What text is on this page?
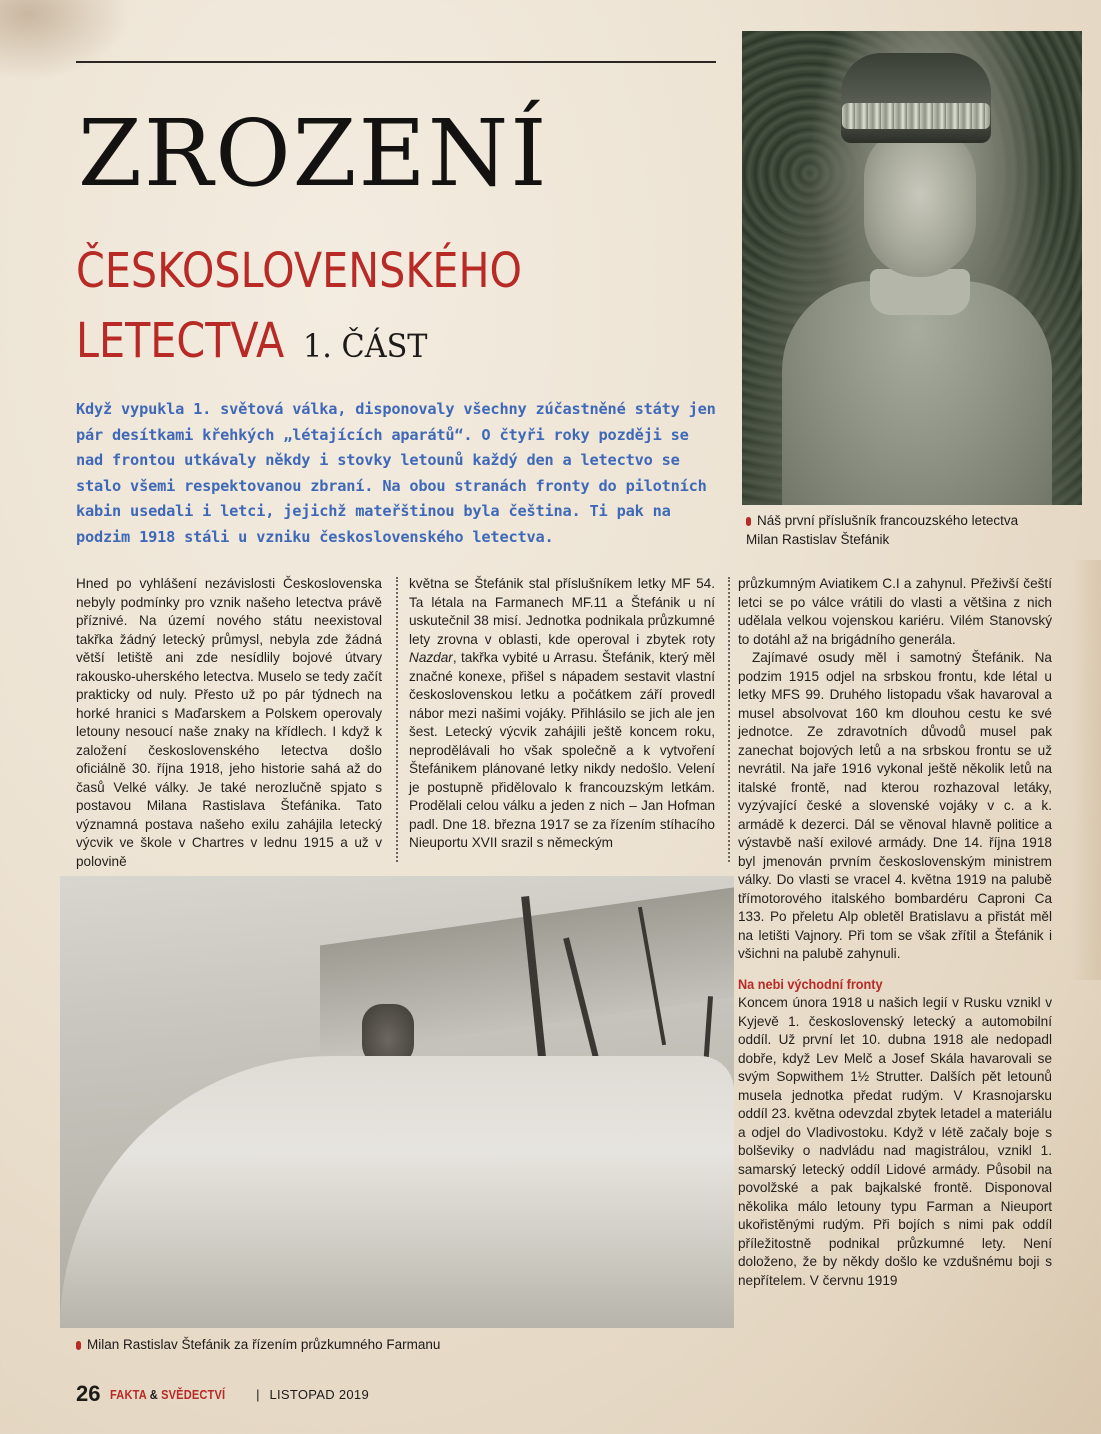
ZROZENÍ
ČESKOSLOVENSKÉHO
LETECTVA 1. ČÁST

Když vypukla 1. světová válka, disponovaly všechny zúčastněné státy jen pár desítkami křehkých „létajících aparátů“. O čtyři roky později se nad frontou utkávaly někdy i stovky letounů každý den a letectvo se stalo všemi respektovanou zbraní. Na obou stranách fronty do pilotních kabin usedali i letci, jejichž mateřštinou byla čeština. Ti pak na podzim 1918 stáli u vzniku československého letectva.

Náš první příslušník francouzského letectva
Milan Rastislav Štefánik

Hned po vyhlášení nezávislosti Československa nebyly podmínky pro vznik našeho letectva právě příznivé. Na území nového státu neexistoval takřka žádný letecký průmysl, nebyla zde žádná větší letiště ani zde nesídlily bojové útvary rakousko-uherského letectva. Muselo se tedy začít prakticky od nuly. Přesto už po pár týdnech na horké hranici s Maďarskem a Polskem operovaly letouny nesoucí naše znaky na křídlech. I když k založení československého letectva došlo oficiálně 30. října 1918, jeho historie sahá až do časů Velké války. Je také nerozlučně spjato s postavou Milana Rastislava Štefánika. Tato významná postava našeho exilu zahájila letecký výcvik ve škole v Chartres v lednu 1915 a už v polovině

května se Štefánik stal příslušníkem letky MF 54. Ta létala na Farmanech MF.11 a Štefánik u ní uskutečnil 38 misí. Jednotka podnikala průzkumné lety zrovna v oblasti, kde operoval i zbytek roty Nazdar, takřka vybité u Arrasu. Štefánik, který měl značné konexe, přišel s nápadem sestavit vlastní československou letku a počátkem září provedl nábor mezi našimi vojáky. Přihlásilo se jich ale jen šest. Letecký výcvik zahájili ještě koncem roku, neprodělávali ho však společně a k vytvoření Štefánikem plánované letky nikdy nedošlo. Velení je postupně přidělovalo k francouzským letkám. Prodělali celou válku a jeden z nich – Jan Hofman padl. Dne 18. března 1917 se za řízením stíhacího Nieuportu XVII srazil s německým

průzkumným Aviatikem C.I a zahynul. Přeživší čeští letci se po válce vrátili do vlasti a většina z nich udělala velkou vojenskou kariéru. Vilém Stanovský to dotáhl až na brigádního generála.

Zajímavé osudy měl i samotný Štefánik. Na podzim 1915 odjel na srbskou frontu, kde létal u letky MFS 99. Druhého listopadu však havaroval a musel absolvovat 160 km dlouhou cestu ke své jednotce. Ze zdravotních důvodů musel pak zanechat bojových letů a na srbskou frontu se už nevrátil. Na jaře 1916 vykonal ještě několik letů na italské frontě, nad kterou rozhazoval letáky, vyzývající české a slovenské vojáky v c. a k. armádě k dezerci. Dál se věnoval hlavně politice a výstavbě naší exilové armády. Dne 14. října 1918 byl jmenován prvním československým ministrem války. Do vlasti se vracel 4. května 1919 na palubě třímotorového italského bombardéru Caproni Ca 133. Po přeletu Alp obletěl Bratislavu a přistát měl na letišti Vajnory. Při tom se však zřítil a Štefánik i všichni na palubě zahynuli.

Na nebi východní fronty

Koncem února 1918 u našich legií v Rusku vznikl v Kyjevě 1. československý letecký a automobilní oddíl. Už první let 10. dubna 1918 ale nedopadl dobře, když Lev Melč a Josef Skála havarovali se svým Sopwithem 1½ Strutter. Dalších pět letounů musela jednotka předat rudým. V Krasnojarsku oddíl 23. května odevzdal zbytek letadel a materiálu a odjel do Vladivostoku. Když v létě začaly boje s bolševiky o nadvládu nad magistrálou, vznikl 1. samarský letecký oddíl Lidové armády. Působil na povolžské a pak bajkalské frontě. Disponoval několika málo letouny typu Farman a Nieuport ukořistěnými rudým. Při bojích s nimi pak oddíl příležitostně podnikal průzkumné lety. Není doloženo, že by někdy došlo ke vzdušnému boji s nepřítelem. V červnu 1919

Milan Rastislav Štefánik za řízením průzkumného Farmanu

26 FAKTA & SVĚDECTVÍ | LISTOPAD 2019
